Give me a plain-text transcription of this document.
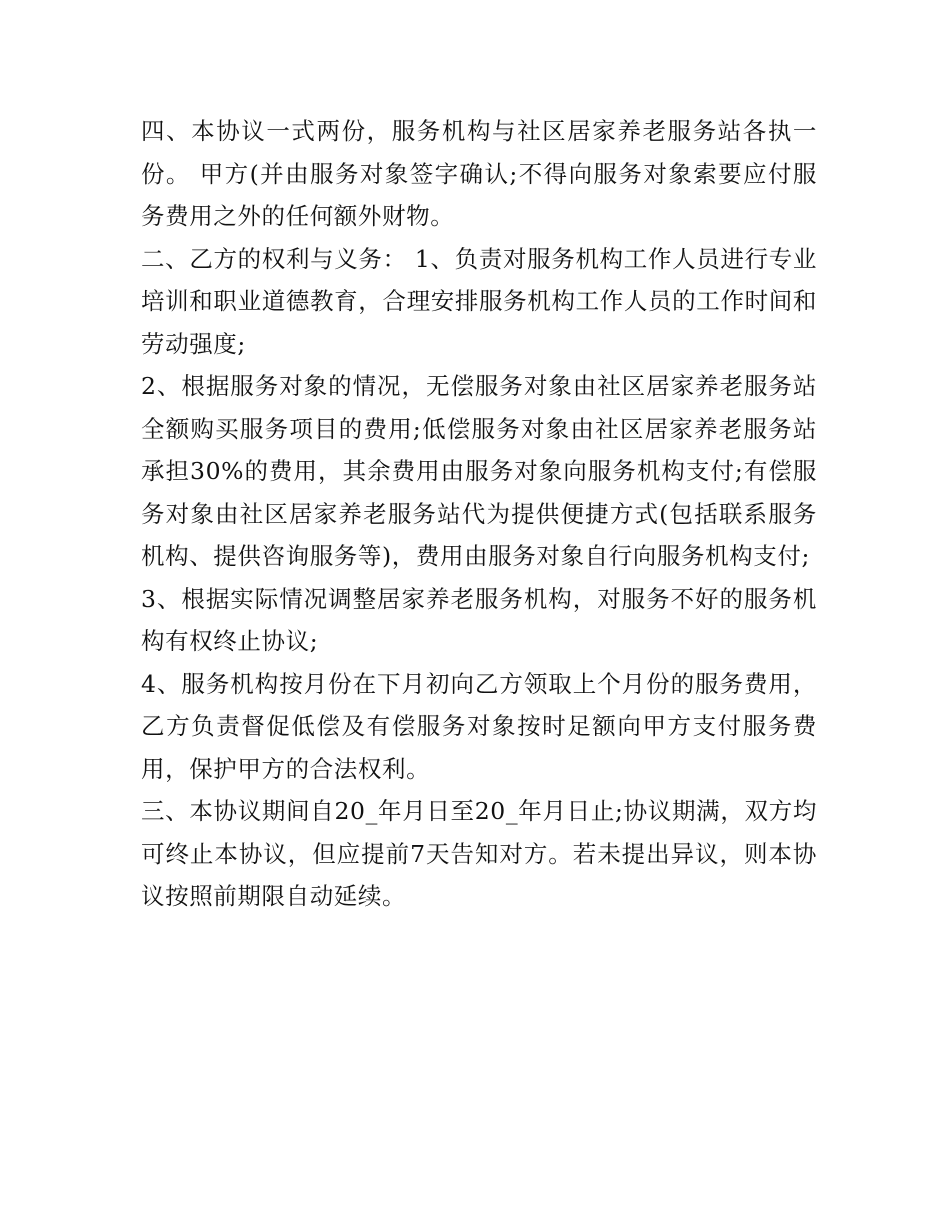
四、本协议一式两份，服务机构与社区居家养老服务站各执一份。 甲方(并由服务对象签字确认;不得向服务对象索要应付服务费用之外的任何额外财物。

二、乙方的权利与义务： 1、负责对服务机构工作人员进行专业培训和职业道德教育，合理安排服务机构工作人员的工作时间和劳动强度;

2、根据服务对象的情况，无偿服务对象由社区居家养老服务站全额购买服务项目的费用;低偿服务对象由社区居家养老服务站承担30%的费用，其余费用由服务对象向服务机构支付;有偿服务对象由社区居家养老服务站代为提供便捷方式(包括联系服务机构、提供咨询服务等)，费用由服务对象自行向服务机构支付;

3、根据实际情况调整居家养老服务机构，对服务不好的服务机构有权终止协议;

4、服务机构按月份在下月初向乙方领取上个月份的服务费用，乙方负责督促低偿及有偿服务对象按时足额向甲方支付服务费用，保护甲方的合法权利。

三、本协议期间自20_年月日至20_年月日止;协议期满，双方均可终止本协议，但应提前7天告知对方。若未提出异议，则本协议按照前期限自动延续。
